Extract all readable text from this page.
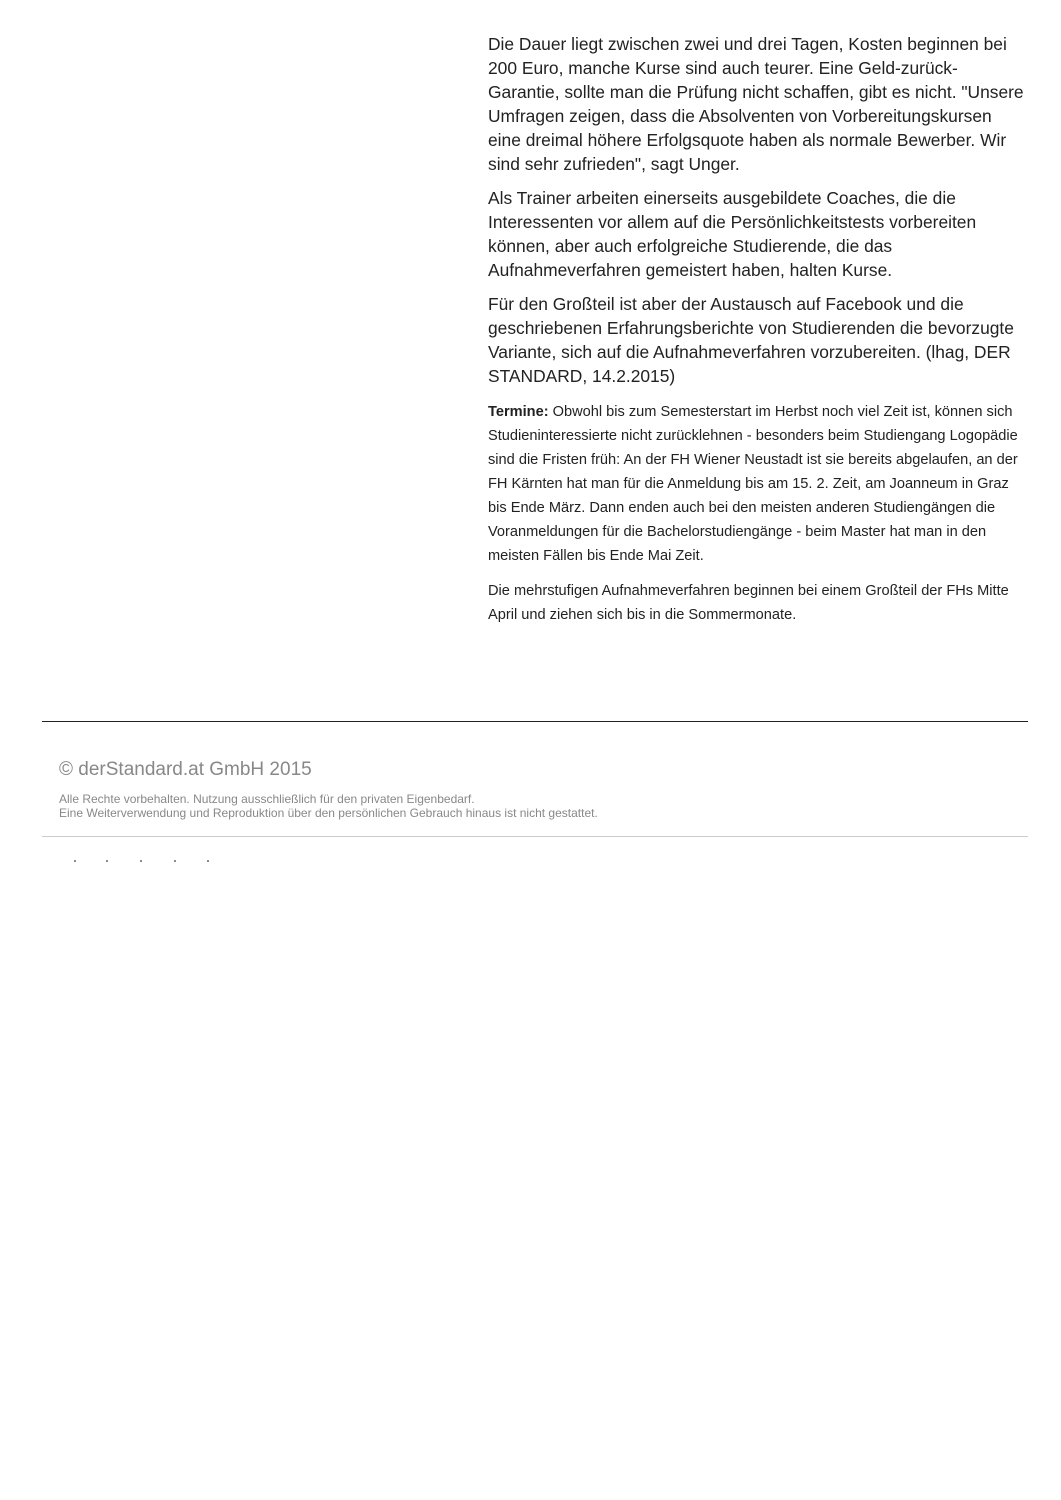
Die Dauer liegt zwischen zwei und drei Tagen, Kosten beginnen bei 200 Euro, manche Kurse sind auch teurer. Eine Geld-zurück-Garantie, sollte man die Prüfung nicht schaffen, gibt es nicht. "Unsere Umfragen zeigen, dass die Absolventen von Vorbereitungskursen eine dreimal höhere Erfolgsquote haben als normale Bewerber. Wir sind sehr zufrieden", sagt Unger.

Als Trainer arbeiten einerseits ausgebildete Coaches, die die Interessenten vor allem auf die Persönlichkeitstests vorbereiten können, aber auch erfolgreiche Studierende, die das Aufnahmeverfahren gemeistert haben, halten Kurse.

Für den Großteil ist aber der Austausch auf Facebook und die geschriebenen Erfahrungsberichte von Studierenden die bevorzugte Variante, sich auf die Aufnahmeverfahren vorzubereiten. (lhag, DER STANDARD, 14.2.2015)

Termine: Obwohl bis zum Semesterstart im Herbst noch viel Zeit ist, können sich Studieninteressierte nicht zurücklehnen - besonders beim Studiengang Logopädie sind die Fristen früh: An der FH Wiener Neustadt ist sie bereits abgelaufen, an der FH Kärnten hat man für die Anmeldung bis am 15. 2. Zeit, am Joanneum in Graz bis Ende März. Dann enden auch bei den meisten anderen Studiengängen die Voranmeldungen für die Bachelorstudiengänge - beim Master hat man in den meisten Fällen bis Ende Mai Zeit.

Die mehrstufigen Aufnahmeverfahren beginnen bei einem Großteil der FHs Mitte April und ziehen sich bis in die Sommermonate.

© derStandard.at GmbH 2015
Alle Rechte vorbehalten. Nutzung ausschließlich für den privaten Eigenbedarf.
Eine Weiterverwendung und Reproduktion über den persönlichen Gebrauch hinaus ist nicht gestattet.
